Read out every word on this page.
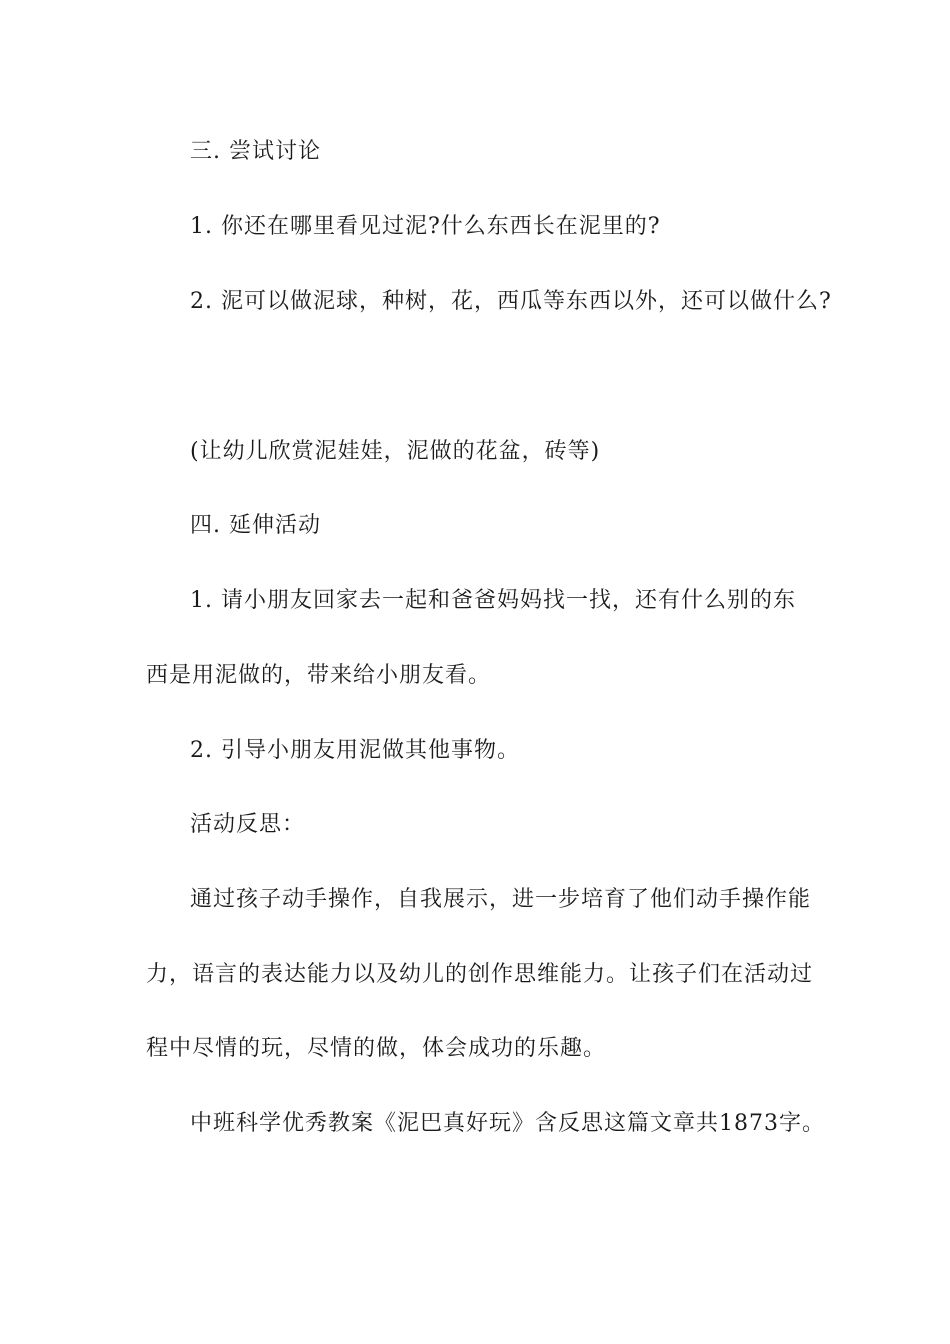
三. 尝试讨论
1. 你还在哪里看见过泥?什么东西长在泥里的?
2. 泥可以做泥球，种树，花，西瓜等东西以外，还可以做什么?
(让幼儿欣赏泥娃娃，泥做的花盆，砖等)
四. 延伸活动
1. 请小朋友回家去一起和爸爸妈妈找一找，还有什么别的东
西是用泥做的，带来给小朋友看。
2. 引导小朋友用泥做其他事物。
活动反思：
通过孩子动手操作，自我展示，进一步培育了他们动手操作能
力，语言的表达能力以及幼儿的创作思维能力。让孩子们在活动过
程中尽情的玩，尽情的做，体会成功的乐趣。
中班科学优秀教案《泥巴真好玩》含反思这篇文章共1873字。
